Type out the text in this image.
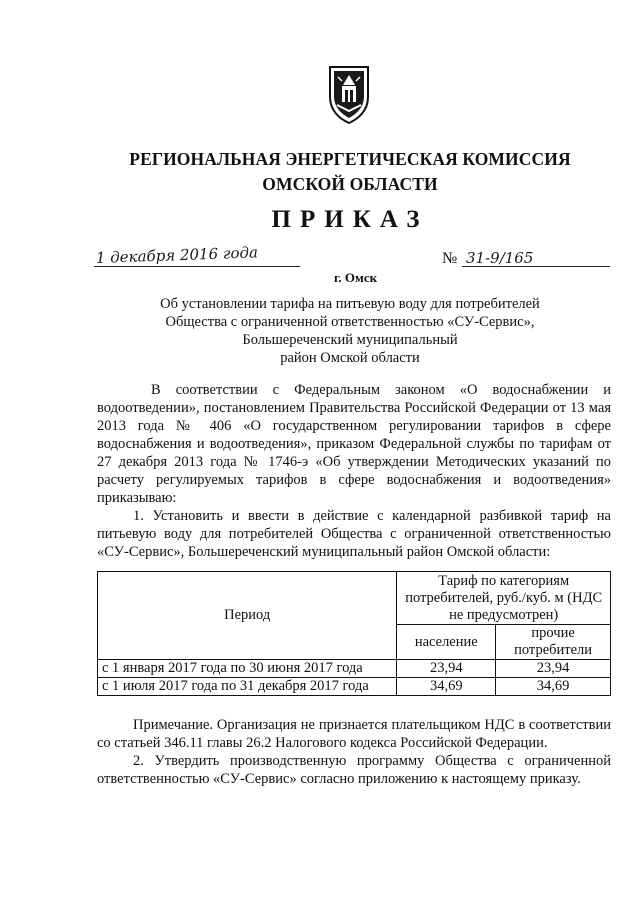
РЕГИОНАЛЬНАЯ ЭНЕРГЕТИЧЕСКАЯ КОМИССИЯ
ОМСКОЙ ОБЛАСТИ
ПРИКАЗ
1 декабря 2016 года	№ 31-9/165
г. Омск
Об установлении тарифа на питьевую воду для потребителей
Общества с ограниченной ответственностью «СУ-Сервис»,
Большереченский муниципальный
район Омской области

В соответствии с Федеральным законом «О водоснабжении и водоотведении», постановлением Правительства Российской Федерации от 13 мая 2013 года № 406 «О государственном регулировании тарифов в сфере водоснабжения и водоотведения», приказом Федеральной службы по тарифам от 27 декабря 2013 года № 1746-э «Об утверждении Методических указаний по расчету регулируемых тарифов в сфере водоснабжения и водоотведения» приказываю:

1. Установить и ввести в действие с календарной разбивкой тариф на питьевую воду для потребителей Общества с ограниченной ответственностью «СУ-Сервис», Большереченский муниципальный район Омской области:

Период	Тариф по категориям потребителей, руб./куб. м (НДС не предусмотрен)	
	население	прочие потребители
с 1 января 2017 года по 30 июня 2017 года	23,94	23,94
с 1 июля 2017 года по 31 декабря 2017 года	34,69	34,69

Примечание. Организация не признается плательщиком НДС в соответствии со статьей 346.11 главы 26.2 Налогового кодекса Российской Федерации.

2. Утвердить производственную программу Общества с ограниченной ответственностью «СУ-Сервис» согласно приложению к настоящему приказу.
